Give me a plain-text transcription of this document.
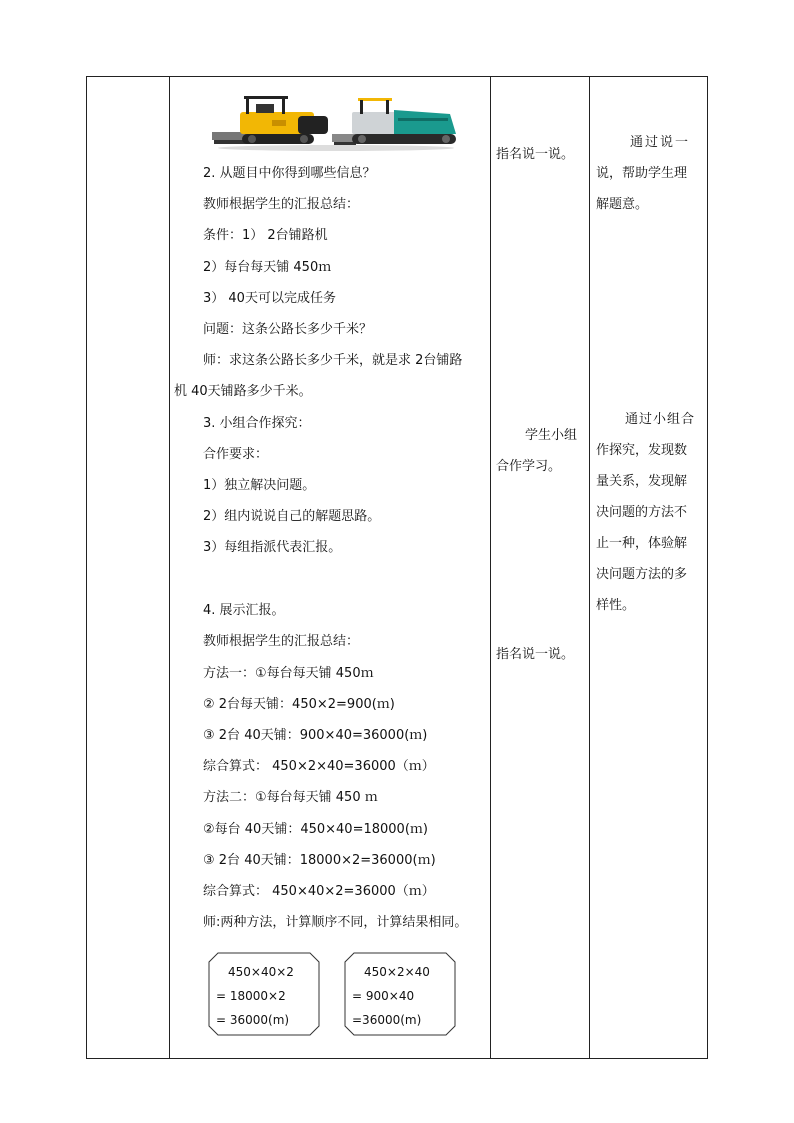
2. 从题目中你得到哪些信息？
教师根据学生的汇报总结：
条件：1） 2台铺路机
2）每台每天铺 450ｍ
3） 40天可以完成任务
问题：这条公路长多少千米？
师：求这条公路长多少千米，就是求 2台铺路
机 40天铺路多少千米。
3. 小组合作探究：
合作要求：
1）独立解决问题。
2）组内说说自己的解题思路。
3）每组指派代表汇报。
4. 展示汇报。
教师根据学生的汇报总结：
方法一：①每台每天铺 450ｍ
② 2台每天铺：450×2=900(ｍ)
③ 2台 40天铺：900×40=36000(ｍ)
综合算式： 450×2×40=36000（ｍ）
方法二：①每台每天铺 450 ｍ
②每台 40天铺：450×40=18000(ｍ)
③ 2台 40天铺：18000×2=36000(ｍ)
综合算式： 450×40×2=36000（ｍ）
师:两种方法，计算顺序不同，计算结果相同。
450×40×2
= 18000×2
= 36000(m)
450×2×40
= 900×40
=36000(m)
指名说一说。
学生小组
合作学习。
指名说一说。
通过说一
说，帮助学生理
解题意。
通过小组合
作探究，发现数
量关系，发现解
决问题的方法不
止一种，体验解
决问题方法的多
样性。
